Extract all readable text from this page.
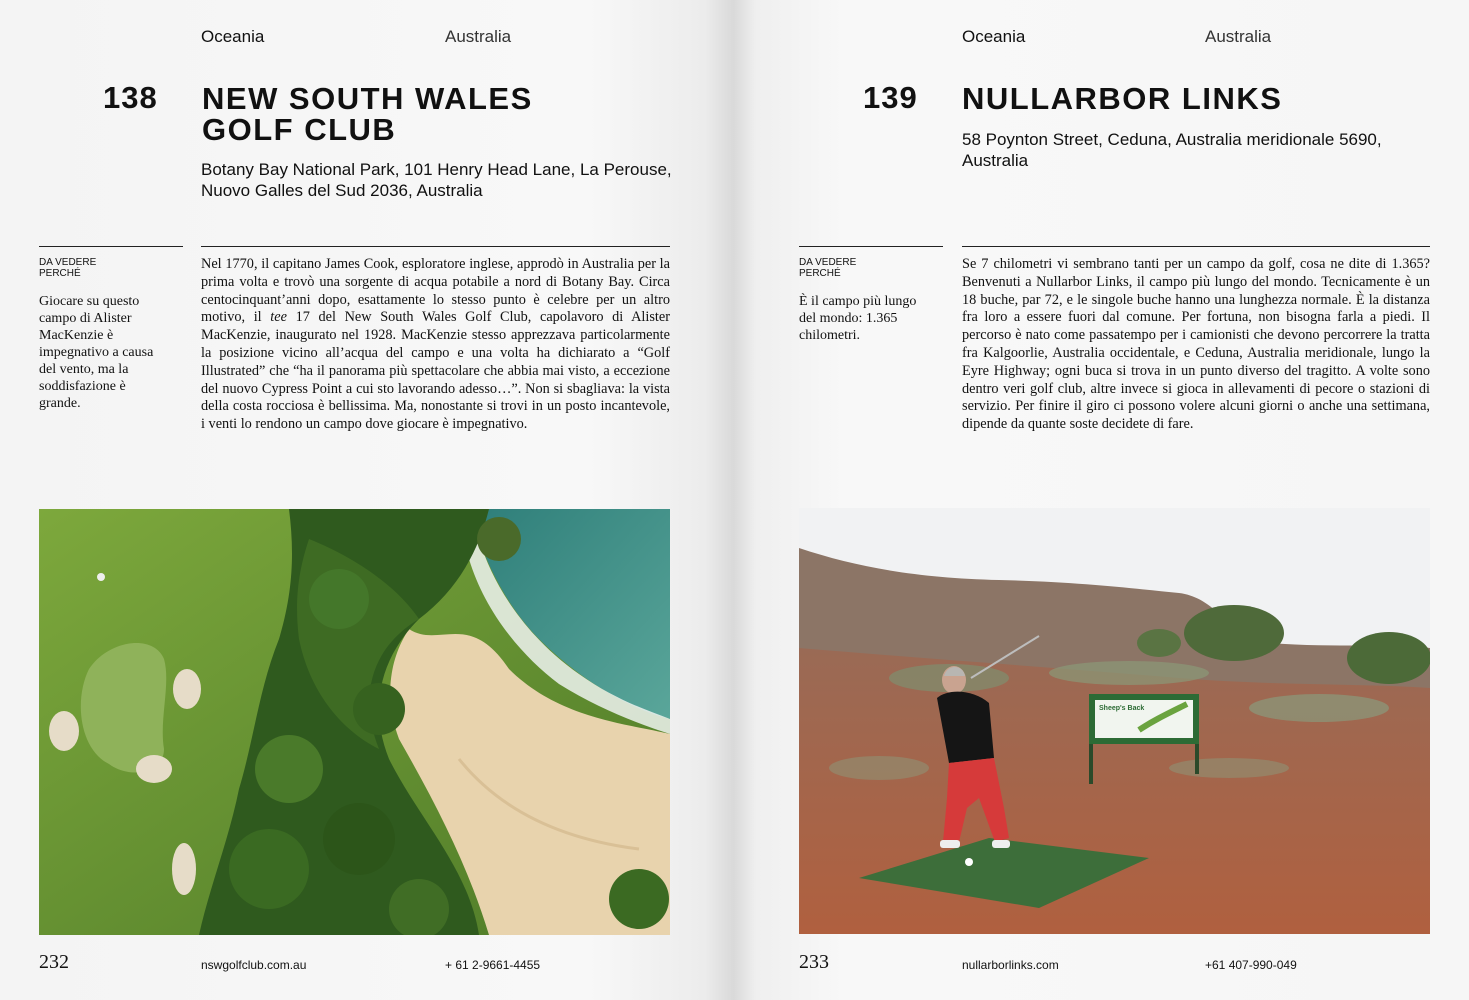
Oceania	Australia
138 NEW SOUTH WALES
GOLF CLUB
Botany Bay National Park, 101 Henry Head Lane, La Perouse,
Nuovo Galles del Sud 2036, Australia
DA VEDERE
PERCHÉ
Giocare su questo campo di Alister MacKenzie è impegnativo a causa del vento, ma la soddisfazione è grande.
Nel 1770, il capitano James Cook, esploratore inglese, approdò in Australia per la prima volta e trovò una sorgente di acqua potabile a nord di Botany Bay. Circa centocinquant’anni dopo, esattamente lo stesso punto è celebre per un altro motivo, il tee 17 del New South Wales Golf Club, capolavoro di Alister MacKenzie, inaugurato nel 1928. MacKenzie stesso apprezzava particolarmente la posizione vicino all’acqua del campo e una volta ha dichiarato a “Golf Illustrated” che “ha il panorama più spettacolare che abbia mai visto, a eccezione del nuovo Cypress Point a cui sto lavorando adesso…”. Non si sbagliava: la vista della costa rocciosa è bellissima. Ma, nonostante si trovi in un posto incantevole, i venti lo rendono un campo dove giocare è impegnativo.
232	nswgolfclub.com.au	+ 61 2-9661-4455
Oceania	Australia
139 NULLARBOR LINKS
58 Poynton Street, Ceduna, Australia meridionale 5690,
Australia
DA VEDERE
PERCHÉ
È il campo più lungo del mondo: 1.365 chilometri.
Se 7 chilometri vi sembrano tanti per un campo da golf, cosa ne dite di 1.365? Benvenuti a Nullarbor Links, il campo più lungo del mondo. Tecnicamente è un 18 buche, par 72, e le singole buche hanno una lunghezza normale. È la distanza fra loro a essere fuori dal comune. Per fortuna, non bisogna farla a piedi. Il percorso è nato come passatempo per i camionisti che devono percorrere la tratta fra Kalgoorlie, Australia occidentale, e Ceduna, Australia meridionale, lungo la Eyre Highway; ogni buca si trova in un punto diverso del tragitto. A volte sono dentro veri golf club, altre invece si gioca in allevamenti di pecore o stazioni di servizio. Per finire il giro ci possono volere alcuni giorni o anche una settimana, dipende da quante soste decidete di fare.
Sheep's Back
233	nullarborlinks.com	+61 407-990-049
